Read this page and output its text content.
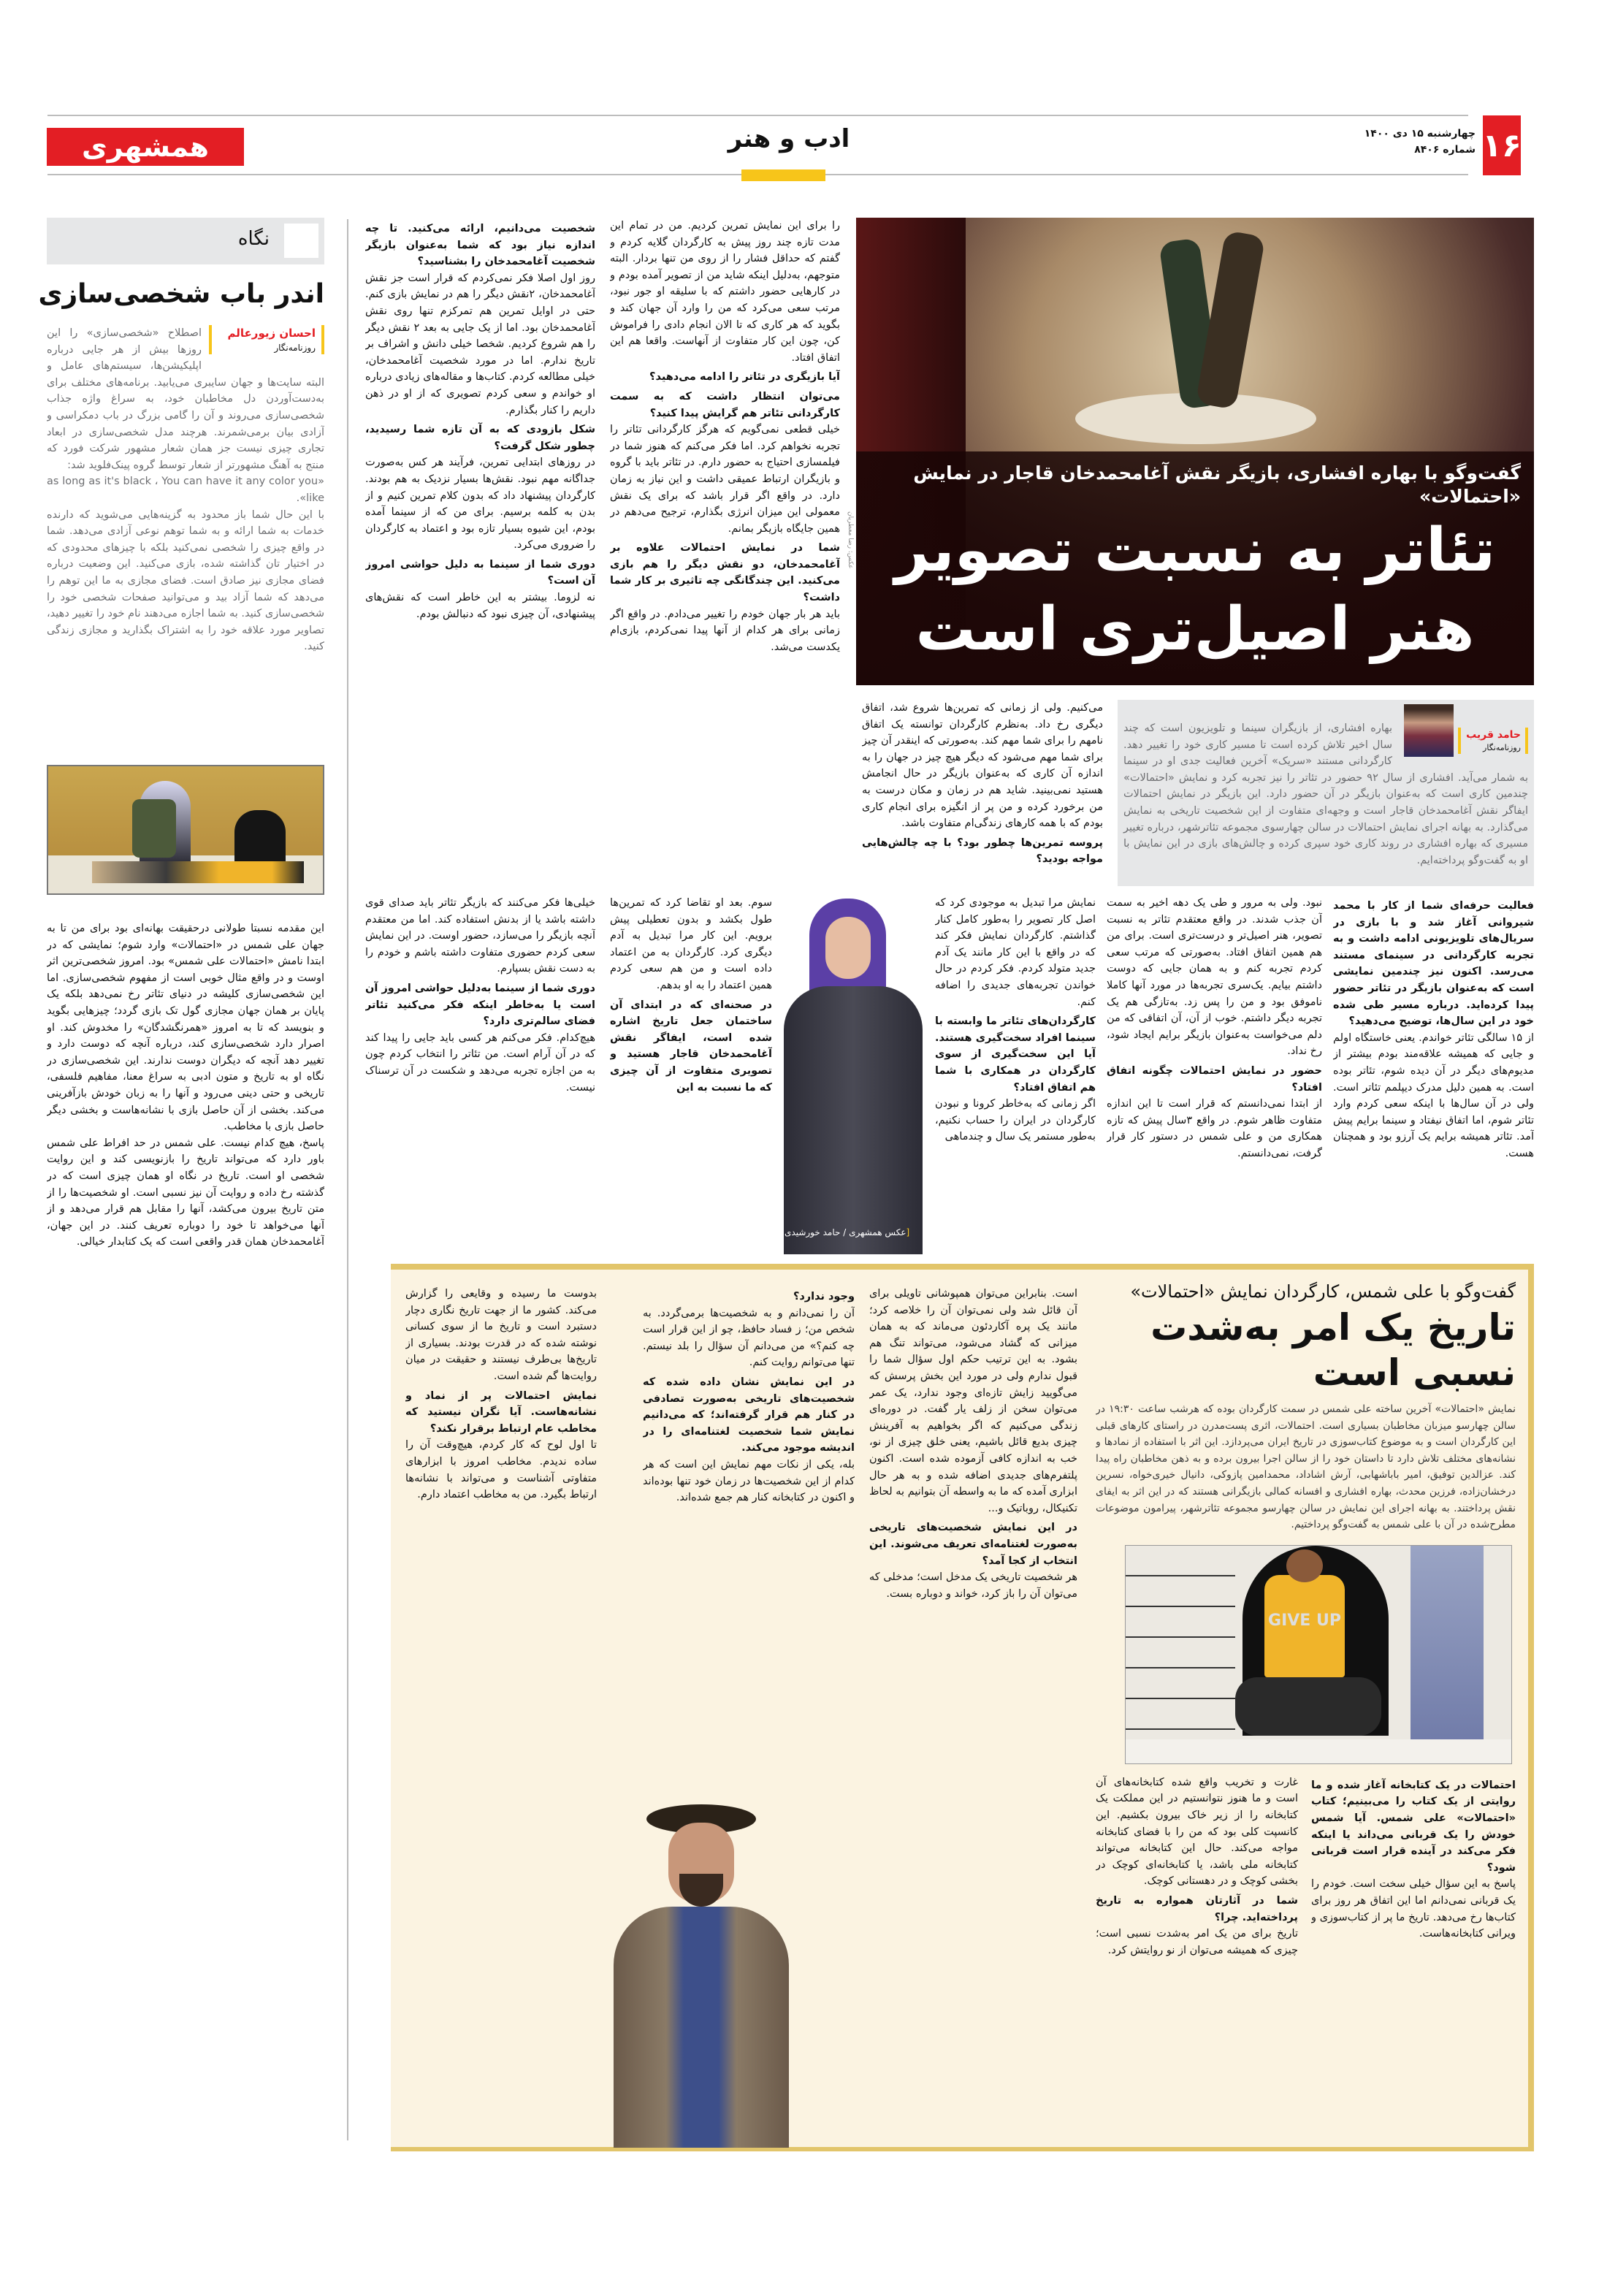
۱۶
چهارشنبه ۱۵ دی ۱۴۰۰
شماره ۸۴۰۶
ادب و هنر
همشهری
نگاه
اندر باب شخصی‌سازی
احسان زیورعالم
روزنامه‌نگار

اصطلاح «شخصی‌سازی» را این روزها بیش از هر جایی درباره اپلیکیشن‌ها، سیستم‌های عامل و البته سایت‌ها و جهان سایبری می‌یابید. برنامه‌های مختلف برای به‌دست‌آوردن دل مخاطبان خود، به سراغ واژه جذاب شخصی‌سازی می‌روند و آن را گامی بزرگ در باب دمکراسی و آزادی بیان برمی‌شمرند. هرچند مدل شخصی‌سازی در ابعاد تجاری چیزی نیست جز همان شعار مشهور شرکت فورد که منتج به آهنگ مشهورتر از شعار توسط گروه پینک‌فلوید شد:

«as long as it's black ، You can have it any color you like».

با این حال شما باز محدود به گزینه‌هایی می‌شوید که دارنده خدمات به شما ارائه و به شما توهم نوعی آزادی می‌دهد. شما در واقع چیزی را شخصی نمی‌کنید بلکه با چیزهای محدودی که در اختیار تان گذاشته شده، بازی می‌کنید. این وضعیت درباره فضای مجازی نیز صادق است. فضای مجازی به ما این توهم را می‌دهد که شما آزاد بید و می‌توانید صفحات شخصی خود را شخصی‌سازی کنید. به شما اجازه می‌دهند نام خود را تغییر دهید، تصاویر مورد علاقه خود را به اشتراک بگذارید و مجازی زندگی کنید.

این مقدمه نسبتا طولانی درحقیقت بهانه‌ای بود برای من تا به جهان علی شمس در «احتمالات» وارد شوم؛ نمایشی که در ابتدا نامش «احتمالات علی شمس» بود. امروز شخصی‌ترین اثر اوست و در واقع مثال خوبی است از مفهوم شخصی‌سازی. اما این شخصی‌سازی کلیشه در دنیای تئاتر رخ نمی‌دهد بلکه یک پایان بر همان جهان مجازی گول تک بازی گردد؛ چیزهایی بگوید و بنویسد که تا به امروز «همرنگشدگان» را مخدوش کند. او اصرار دارد شخصی‌سازی کند، درباره آنچه که دوست دارد و تغییر دهد آنچه که دیگران دوست ندارند. این شخصی‌سازی در نگاه او به تاریخ و متون ادبی به سراغ معنا، مفاهیم فلسفی، تاریخی و حتی دینی می‌رود و آنها را به زبان خودش بازآفرینی می‌کند. بخشی از آن حاصل بازی با نشانه‌هاست و بخشی دیگر حاصل بازی با مخاطب.

پاسخ، هیچ کدام نیست. علی شمس در حد افراط علی شمس باور دارد که می‌تواند تاریخ را بازنویسی کند و این روایت شخصی او است. تاریخ در نگاه او همان چیزی است که در گذشته رخ داده و روایت آن نیز نسبی است. او شخصیت‌ها را از متن تاریخ بیرون می‌کشد، آنها را مقابل هم قرار می‌دهد و از آنها می‌خواهد تا خود را دوباره تعریف کنند. در این جهان، آغامحمدخان همان قدر واقعی است که یک کتابدار خیالی.

شخصیت می‌دانیم، ارائه می‌کنید. تا چه اندازه نیاز بود که شما به‌عنوان بازیگر شخصیت آغامحمدخان را بشناسید؟

روز اول اصلا فکر نمی‌کردم که قرار است جز نقش آغامحمدخان، ۲نقش دیگر را هم در نمایش بازی کنم. حتی در اوایل تمرین هم تمرکزم تنها روی نقش آغامحمدخان بود. اما از یک جایی به بعد ۲ نقش دیگر را هم شروع کردیم. شخصا خیلی دانش و اشراف بر تاریخ ندارم. اما در مورد شخصیت آغامحمدخان، خیلی مطالعه کردم. کتاب‌ها و مقاله‌های زیادی درباره او خواندم و سعی کردم تصویری که از او در ذهن داریم را کنار بگذارم.

شکل بازودی که به آن تازه شما رسیدید، چطور شکل گرفت؟

در روزهای ابتدایی تمرین، فرآیند هر کس به‌صورت جداگانه مهم نبود. نقش‌ها بسیار نزدیک به هم بودند. کارگردان پیشنهاد داد که بدون کلام تمرین کنیم و از بدن به کلمه برسیم. برای من که از سینما آمده بودم، این شیوه بسیار تازه بود و اعتماد به کارگردان را ضروری می‌کرد.

دوری شما از سینما به دلیل حواشی امروز آن است؟

نه لزوما. بیشتر به این خاطر است که نقش‌های پیشنهادی، آن چیزی نبود که دنبالش بودم.

را برای این نمایش تمرین کردیم. من در تمام این مدت تازه چند روز پیش به کارگردان گلایه کردم و گفتم که حداقل فشار را از روی من تنها بردار. البته متوجهم، به‌دلیل اینکه شاید من از تصویر آمده بودم و در کارهایی حضور داشتم که با سلیقه او جور نبود، مرتب سعی می‌کرد که من را وارد آن جهان کند و بگوید که هر کاری که تا الان انجام دادی را فراموش کن، چون این کار متفاوت از آنهاست. واقعا هم این اتفاق افتاد.

آیا بازیگری در تئاتر را ادامه می‌دهید؟

می‌توان انتظار داشت که به سمت کارگردانی تئاتر هم گرایش پیدا کنید؟

خیلی قطعی نمی‌گویم که هرگز کارگردانی تئاتر را تجربه نخواهم کرد. اما فکر می‌کنم که هنوز شما در فیلمسازی احتیاج به حضور دارم. در تئاتر باید با گروه و بازیگران ارتباط عمیقی داشت و این نیاز به زمان دارد. در واقع اگر قرار باشد که برای یک نقش معمولی این میزان انرژی بگذارم، ترجیح می‌دهم در همین جایگاه بازیگر بمانم.

شما در نمایش احتمالات علاوه بر آغامحمدخان، دو نقش دیگر را هم بازی می‌کنید. این چندگانگی چه تاثیری بر کار شما داشت؟

باید هر بار جهان خودم را تغییر می‌دادم. در واقع اگر زمانی برای هر کدام از آنها پیدا نمی‌کردم، بازی‌ام یکدست می‌شد.

گفت‌وگو با بهاره افشاری، بازیگر نقش آغامحمدخان قاجار در نمایش «احتمالات»
تئاتر به نسبت تصویر
هنر اصیل‌تری است
عکس: رضا معطریان

می‌کنیم. ولی از زمانی که تمرین‌ها شروع شد، اتفاق دیگری رخ داد. به‌نظرم کارگردان توانسته یک اتفاق نامهم را برای شما مهم کند. به‌صورتی که اینقدر آن چیز برای شما مهم می‌شود که دیگر هیچ چیز در جهان را به اندازه آن کاری که به‌عنوان بازیگر در حال انجامش هستید نمی‌بینید. شاید هم در زمان و مکان درست به من برخورد کرده و من پر از انگیزه برای انجام کاری بودم که با همه کارهای زندگی‌ام متفاوت باشد.

پروسه تمرین‌ها چطور بود؟ با چه چالش‌هایی مواجه بودید؟

حامد قریب
روزنامه‌نگار
بهاره افشاری، از بازیگران سینما و تلویزیون است که چند سال اخیر تلاش کرده است تا مسیر کاری خود را تغییر دهد. کارگردانی مستند «سریک» آخرین فعالیت جدی او در سینما به شمار می‌آید. افشاری از سال ۹۲ حضور در تئاتر را نیز تجربه کرد و نمایش «احتمالات» چندمین کاری است که به‌عنوان بازیگر در آن حضور دارد. این بازیگر در نمایش احتمالات ایفاگر نقش آغامحمدخان قاجار است و وجهه‌ای متفاوت از این شخصیت تاریخی به نمایش می‌گذارد. به بهانه اجرای نمایش احتمالات در سالن چهارسوی مجموعه تئاترشهر، درباره تغییر مسیری که بهاره افشاری در روند کاری خود سپری کرده و چالش‌های بازی در این نمایش با او به گفت‌وگو پرداخته‌ایم.

فعالیت حرفه‌ای شما از کار با محمد شیروانی آغاز شد و با بازی در سریال‌های تلویزیونی ادامه داشت و به تجربه کارگردانی در سینمای مستند می‌رسد. اکنون نیز چندمین نمایشی است که به‌عنوان بازیگر در تئاتر حضور پیدا کرده‌اید. درباره مسیر طی شده خود در این سال‌ها، توضیح می‌دهید؟

از ۱۵ سالگی تئاتر خواندم. یعنی خاستگاه اولم و جایی که همیشه علاقه‌مند بودم بیشتر از مدیوم‌های دیگر در آن دیده شوم، تئاتر بوده است. به همین دلیل مدرک دیپلمم تئاتر است. ولی در آن سال‌ها با اینکه سعی کردم وارد تئاتر شوم، اما اتفاق نیفتاد و سینما برایم پیش آمد. تئاتر همیشه برایم یک آرزو بود و همچنان هست.

نبود. ولی به مرور و طی یک دهه اخیر به سمت آن جذب شدند. در واقع معتقدم تئاتر به نسبت تصویر، هنر اصیل‌تر و درست‌تری است. برای من هم همین اتفاق افتاد. به‌صورتی که مرتب سعی کردم تجربه کنم و به همان جایی که دوست داشتم بیایم. یک‌سری تجربه‌ها در مورد آنها کاملا ناموفق بود و من را پس زد. به‌تازگی هم یک تجربه دیگر داشتم. خوب از آن، آن اتفاقی که من دلم می‌خواست به‌عنوان بازیگر برایم ایجاد شود، رخ نداد.

حضور در نمایش احتمالات چگونه اتفاق افتاد؟

از ابتدا نمی‌دانستم که قرار است تا این اندازه متفاوت ظاهر شوم. در واقع ۳سال پیش که تازه همکاری من و علی شمس در دستور کار قرار گرفت، نمی‌دانستم.

نمایش مرا تبدیل به موجودی کرد که اصل کار تصویر را به‌طور کامل کنار گذاشتم. کارگردان نمایش فکر کند که در واقع با این کار مانند یک آدم جدید متولد کردم. فکر کردم در حال خواندن تجربه‌های جدیدی را اضافه کنم.

کارگردان‌های تئاتر ما وابسته با سینما افراد سخت‌گیری هستند. آیا این سخت‌گیری از سوی کارگردان در همکاری با شما هم اتفاق افتاد؟

اگر زمانی که به‌خاطر کرونا و نبودن کارگردان در ایران را حساب نکنیم، به‌طور مستمر یک سال و چندماهی

[عکس همشهری / حامد خورشیدی

سوم. بعد او تقاضا کرد که تمرین‌ها طول بکشد و بدون تعطیلی پیش برویم. این کار مرا تبدیل به آدم دیگری کرد. کارگردان به من اعتماد داده است و من هم سعی کردم همین اعتماد را به او بدهم.

در صحنه‌ای که در ابتدای آن ساختمان جعل تاریخ اشاره شده است، ایفاگر نقش آغامحمدخان قاجار هستید و تصویری متفاوت از آن چیزی که ما نسبت به این

خیلی‌ها فکر می‌کنند که بازیگر تئاتر باید صدای قوی داشته باشد یا از بدنش استفاده کند. اما من معتقدم آنچه بازیگر را می‌سازد، حضور اوست. در این نمایش سعی کردم حضوری متفاوت داشته باشم و خودم را به دست نقش بسپارم.

دوری شما از سینما به‌دلیل حواشی امروز آن است یا به‌خاطر اینکه فکر می‌کنید تئاتر فضای سالم‌تری دارد؟

هیچ‌کدام. فکر می‌کنم هر کسی باید جایی را پیدا کند که در آن آرام است. من تئاتر را انتخاب کردم چون به من اجازه تجربه می‌دهد و شکست در آن ترسناک نیست.

گفت‌وگو با علی شمس، کارگردان نمایش «احتمالات»
تاریخ یک امر به‌شدت نسبی است
نمایش «احتمالات» آخرین ساخته علی شمس در سمت کارگردان بوده که هرشب ساعت ۱۹:۳۰ در سالن چهارسو میزبان مخاطبان بسیاری است. احتمالات، اثری پست‌مدرن در راستای کارهای قبلی این کارگردان است و به موضوع کتاب‌سوزی در تاریخ ایران می‌پردازد. این اثر با استفاده از نمادها و نشانه‌های مختلف تلاش دارد تا داستان خود را از سالن اجرا بیرون برده و به ذهن مخاطبان راه پیدا کند. عزالدین توفیق، امیر باباشهابی، آرش اشاداد، محمدامین پازوکی، دانیال خیری‌خواه، نسرین درخشان‌زاده، فرزین محدث، بهاره افشاری و افسانه کمالی بازیگرانی هستند که در این اثر به ایفای نقش پرداختند. به بهانه اجرای این نمایش در سالن چهارسو مجموعه تئاترشهر، پیرامون موضوعات مطرح‌شده در آن با علی شمس به گفت‌وگو پرداختیم.
GIVE UP

احتمالات در یک کتابخانه آغاز شده و ما روایتی از یک کتاب را می‌بینیم؛ کتاب «احتمالات» علی شمس. آیا شمس خودش را یک قربانی می‌داند یا اینکه فکر می‌کند در آینده قرار است قربانی شود؟

پاسخ به این سؤال خیلی سخت است. خودم را یک قربانی نمی‌دانم اما این اتفاق هر روز برای کتاب‌ها رخ می‌دهد. تاریخ ما پر از کتاب‌سوزی و ویرانی کتابخانه‌هاست.

غارت و تخریب واقع شده کتابخانه‌های آن است و ما هنوز نتوانستیم در این مملکت یک کتابخانه را از زیر خاک بیرون بکشیم. این کانسپت کلی بود که من را با فضای کتابخانه مواجه می‌کند. حال این کتابخانه می‌تواند کتابخانه ملی باشد، یا کتابخانه‌ای کوچک در بخشی کوچک و در دهستانی کوچک.

شما در آثارتان همواره به تاریخ پرداخته‌اید. چرا؟

تاریخ برای من یک امر به‌شدت نسبی است؛ چیزی که همیشه می‌توان از نو روایتش کرد.

است. بنابراین می‌توان همپوشانی تاویلی برای آن قائل شد ولی نمی‌توان آن را خلاصه کرد؛ مانند یک پره آکاردئون می‌ماند که به همان میزانی که گشاد می‌شود، می‌تواند تنگ هم بشود. به این ترتیب حکم اول سؤال شما را قبول ندارم ولی در مورد این بخش پرسش که می‌گویید زایش تازه‌ای وجود ندارد، یک عمر می‌توان سخن از زلف یار گفت. در دوره‌ای زندگی می‌کنیم که اگر بخواهیم به آفرینش چیزی بدیع قائل باشیم، یعنی خلق چیزی از نو، خب به اندازه کافی آزموده شده است. اکنون پلتفرم‌های جدیدی اضافه شده و به هر حال ابزاری آمده که ما به واسطه آن بتوانیم به لحاظ تکنیکال، روباتیک و...

در این نمایش شخصیت‌های تاریخی به‌صورت لغتنامه‌ای تعریف می‌شوند. این انتخاب از کجا آمد؟

هر شخصیت تاریخی یک مدخل است؛ مدخلی که می‌توان آن را باز کرد، خواند و دوباره بست.

وجود ندارد؟

آن را نمی‌دانم و به شخصیت‌ها برمی‌گردد. به شخص من؛ ز فساد حافظ، چو از این قرار است چه کنم؟» من می‌دانم آن سؤال را بلد نیستم. تنها می‌توانم روایت کنم.

در این نمایش نشان داده شده که شخصیت‌های تاریخی به‌صورت تصادفی در کنار هم قرار گرفته‌اند؛ که می‌دانیم نمایش شما شخصیت لغتنامه‌ای را در اندیشه موجود می‌کند.

بله، یکی از نکات مهم نمایش این است که هر کدام از این شخصیت‌ها در زمان خود تنها بوده‌اند و اکنون در کتابخانه کنار هم جمع شده‌اند.

بدوست ما رسیده و وقایعی را گزارش می‌کند. کشور ما از جهت تاریخ نگاری دچار دستبرد است و تاریخ ما از سوی کسانی نوشته شده که در قدرت بودند. بسیاری از تاریخ‌ها بی‌طرف نیستند و حقیقت در میان روایت‌ها گم شده است.

نمایش احتمالات پر از نماد و نشانه‌هاست. آیا نگران نیستید که مخاطب عام ارتباط برقرار نکند؟

تا اول لوح که کار کردم، هیچ‌وقت آن را ساده ندیدم. مخاطب امروز با ابزارهای متفاوتی آشناست و می‌تواند با نشانه‌ها ارتباط بگیرد. من به مخاطب اعتماد دارم.
